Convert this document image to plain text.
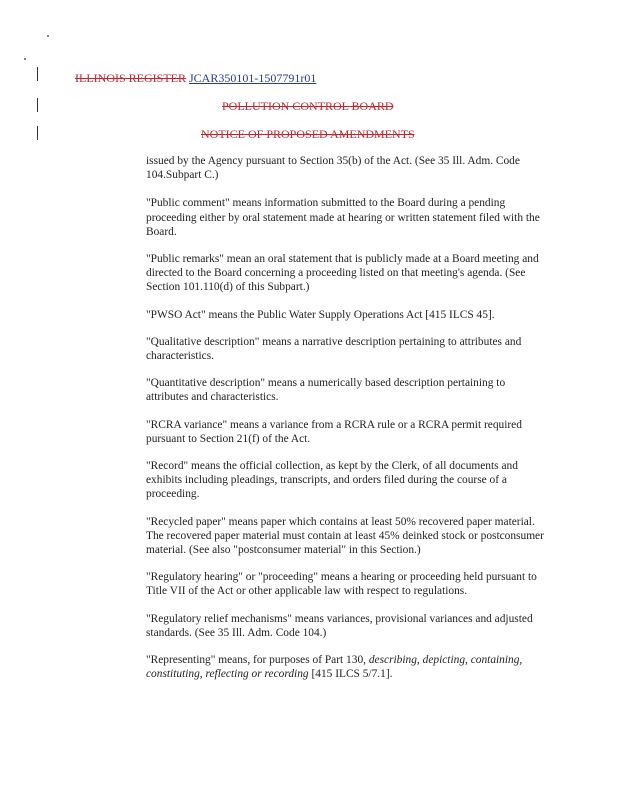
ILLINOIS REGISTER JCAR350101-1507791r01
POLLUTION CONTROL BOARD
NOTICE OF PROPOSED AMENDMENTS

issued by the Agency pursuant to Section 35(b) of the Act. (See 35 Ill. Adm. Code 104.Subpart C.)

"Public comment" means information submitted to the Board during a pending proceeding either by oral statement made at hearing or written statement filed with the Board.

"Public remarks" mean an oral statement that is publicly made at a Board meeting and directed to the Board concerning a proceeding listed on that meeting's agenda. (See Section 101.110(d) of this Subpart.)

"PWSO Act" means the Public Water Supply Operations Act [415 ILCS 45].

"Qualitative description" means a narrative description pertaining to attributes and characteristics.

"Quantitative description" means a numerically based description pertaining to attributes and characteristics.

"RCRA variance" means a variance from a RCRA rule or a RCRA permit required pursuant to Section 21(f) of the Act.

"Record" means the official collection, as kept by the Clerk, of all documents and exhibits including pleadings, transcripts, and orders filed during the course of a proceeding.

"Recycled paper" means paper which contains at least 50% recovered paper material. The recovered paper material must contain at least 45% deinked stock or postconsumer material. (See also "postconsumer material" in this Section.)

"Regulatory hearing" or "proceeding" means a hearing or proceeding held pursuant to Title VII of the Act or other applicable law with respect to regulations.

"Regulatory relief mechanisms" means variances, provisional variances and adjusted standards. (See 35 Ill. Adm. Code 104.)

"Representing" means, for purposes of Part 130, describing, depicting, containing, constituting, reflecting or recording [415 ILCS 5/7.1].
